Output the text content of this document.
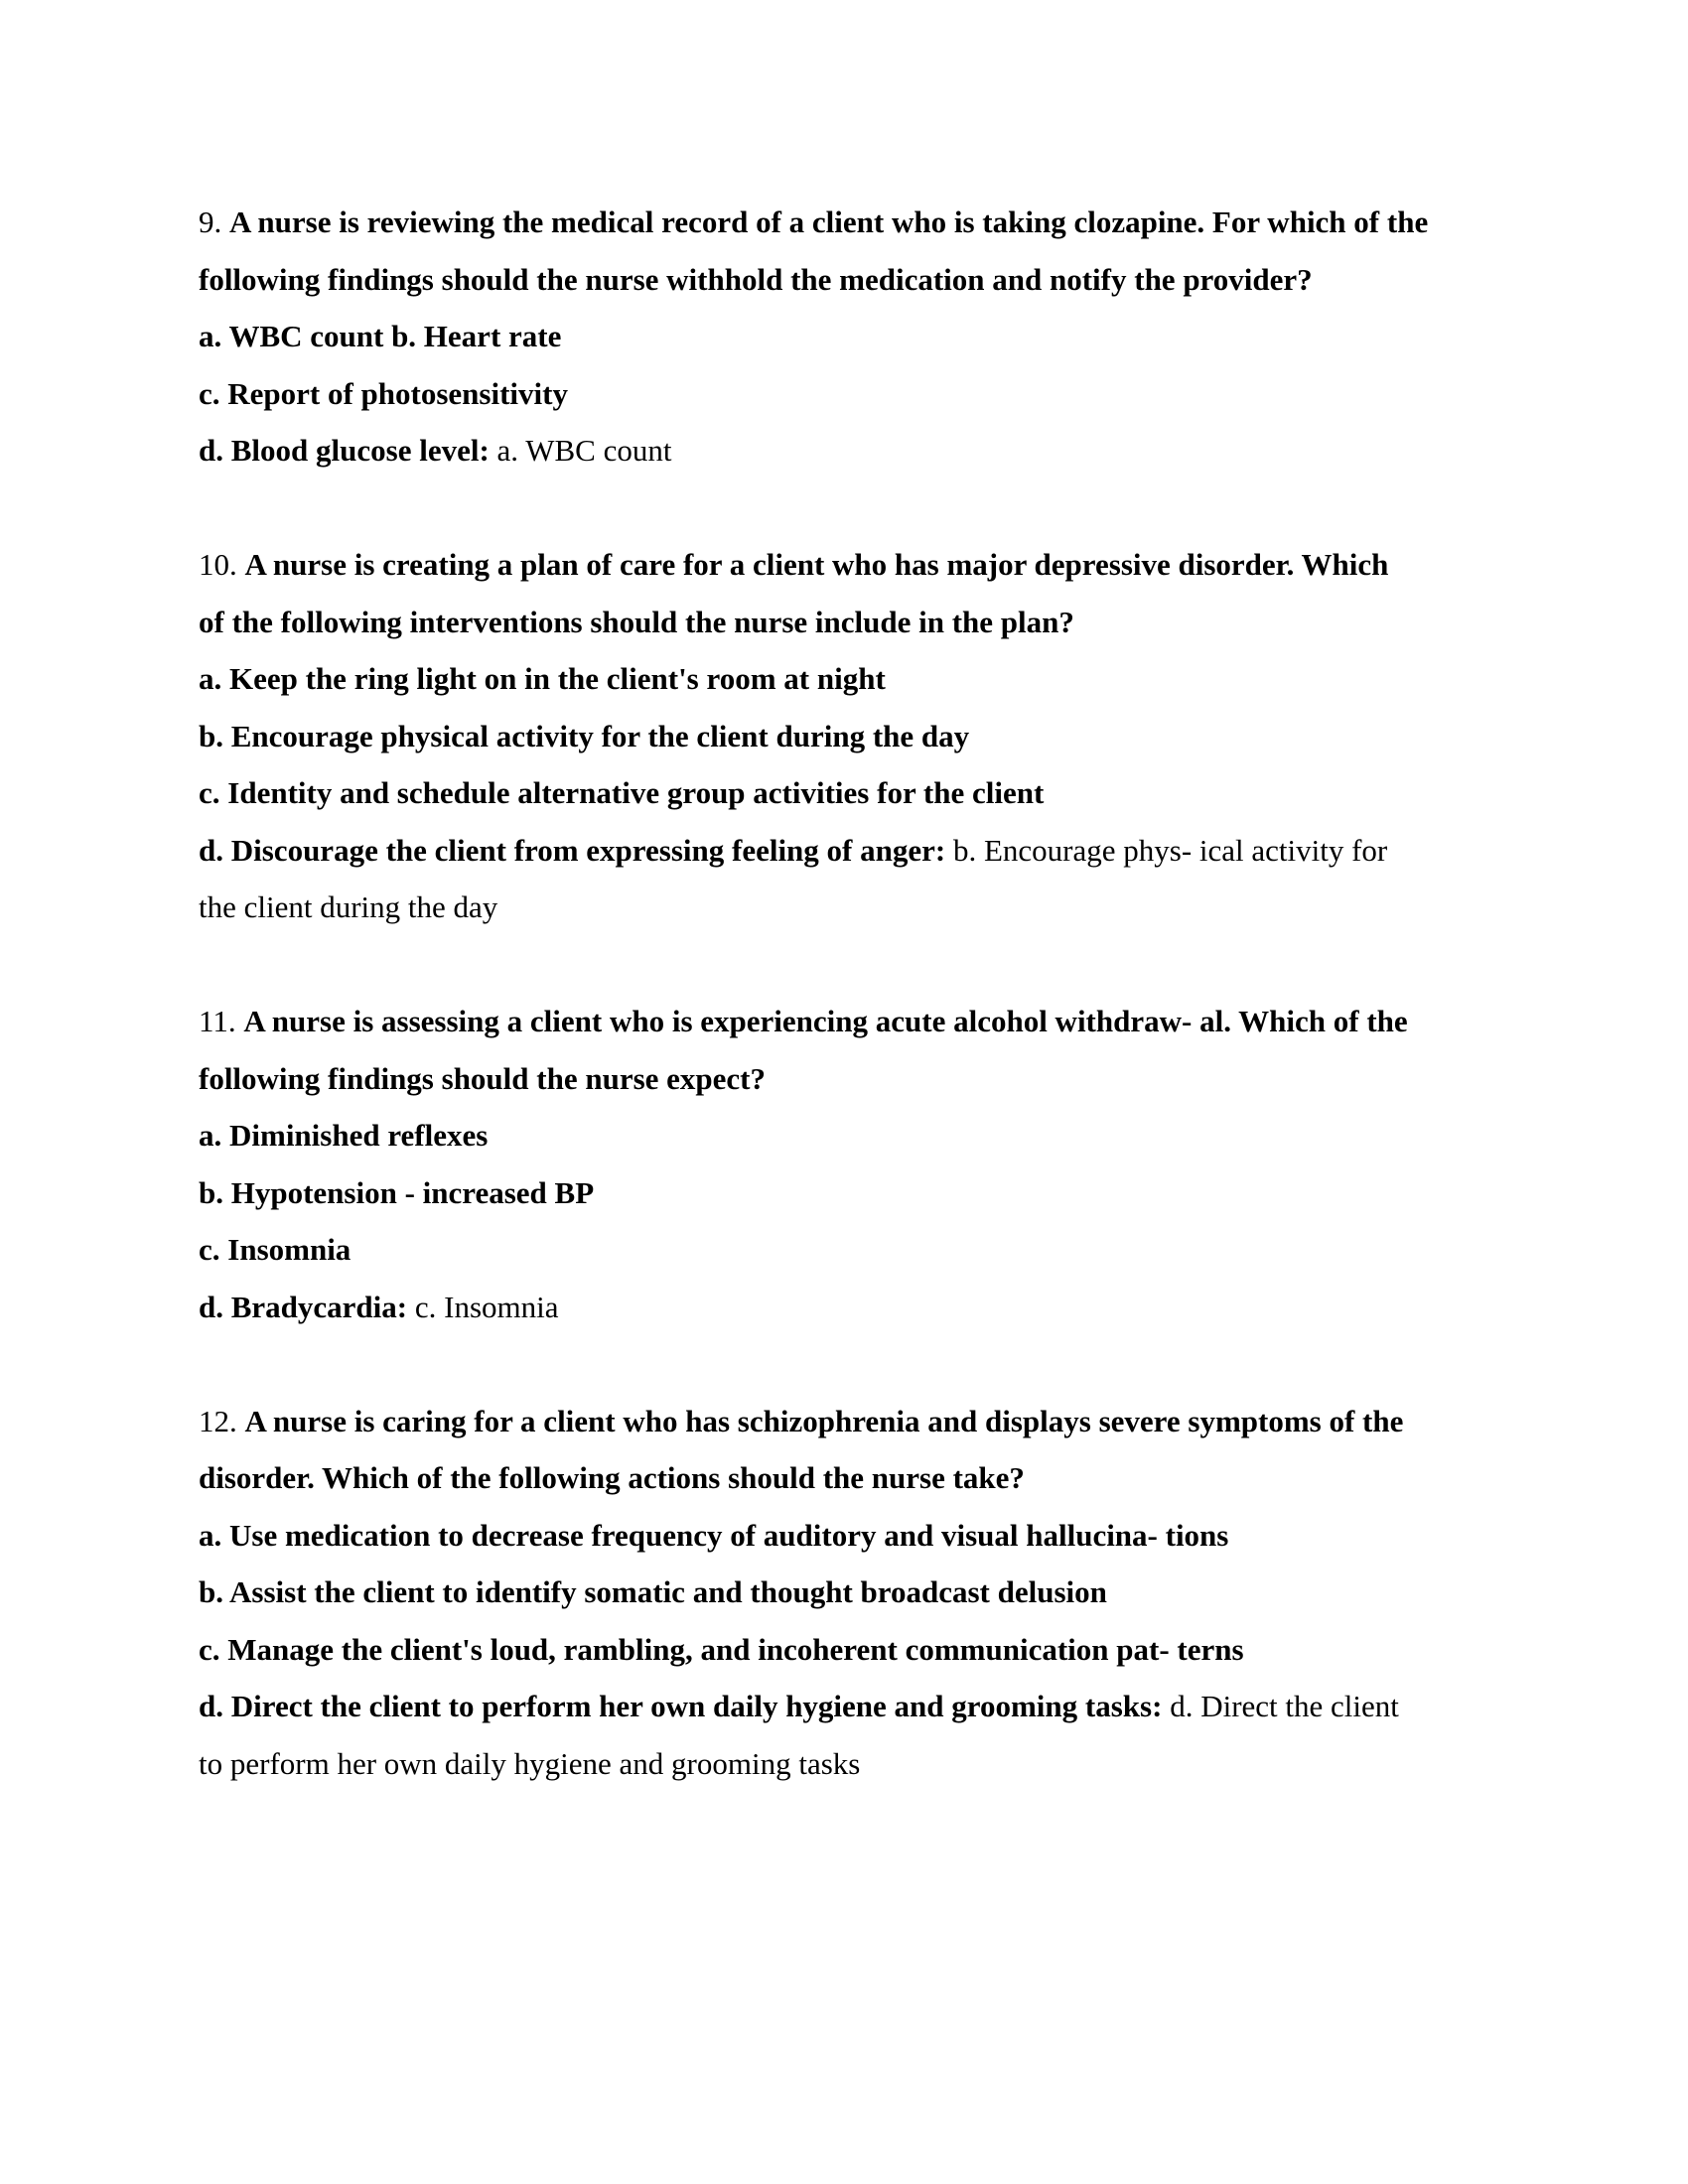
9. A nurse is reviewing the medical record of a client who is taking clozapine. For which of the
following findings should the nurse withhold the medication and notify the provider?
a. WBC count b. Heart rate
c. Report of photosensitivity
d. Blood glucose level: a. WBC count
10. A nurse is creating a plan of care for a client who has major depressive disorder. Which
of the following interventions should the nurse include in the plan?
a. Keep the ring light on in the client's room at night
b. Encourage physical activity for the client during the day
c. Identity and schedule alternative group activities for the client
d. Discourage the client from expressing feeling of anger: b. Encourage phys- ical activity for
the client during the day
11. A nurse is assessing a client who is experiencing acute alcohol withdraw- al. Which of the
following findings should the nurse expect?
a. Diminished reflexes
b. Hypotension - increased BP
c. Insomnia
d. Bradycardia: c. Insomnia
12. A nurse is caring for a client who has schizophrenia and displays severe symptoms of the
disorder. Which of the following actions should the nurse take?
a. Use medication to decrease frequency of auditory and visual hallucina- tions
b. Assist the client to identify somatic and thought broadcast delusion
c. Manage the client's loud, rambling, and incoherent communication pat- terns
d. Direct the client to perform her own daily hygiene and grooming tasks: d. Direct the client
to perform her own daily hygiene and grooming tasks
